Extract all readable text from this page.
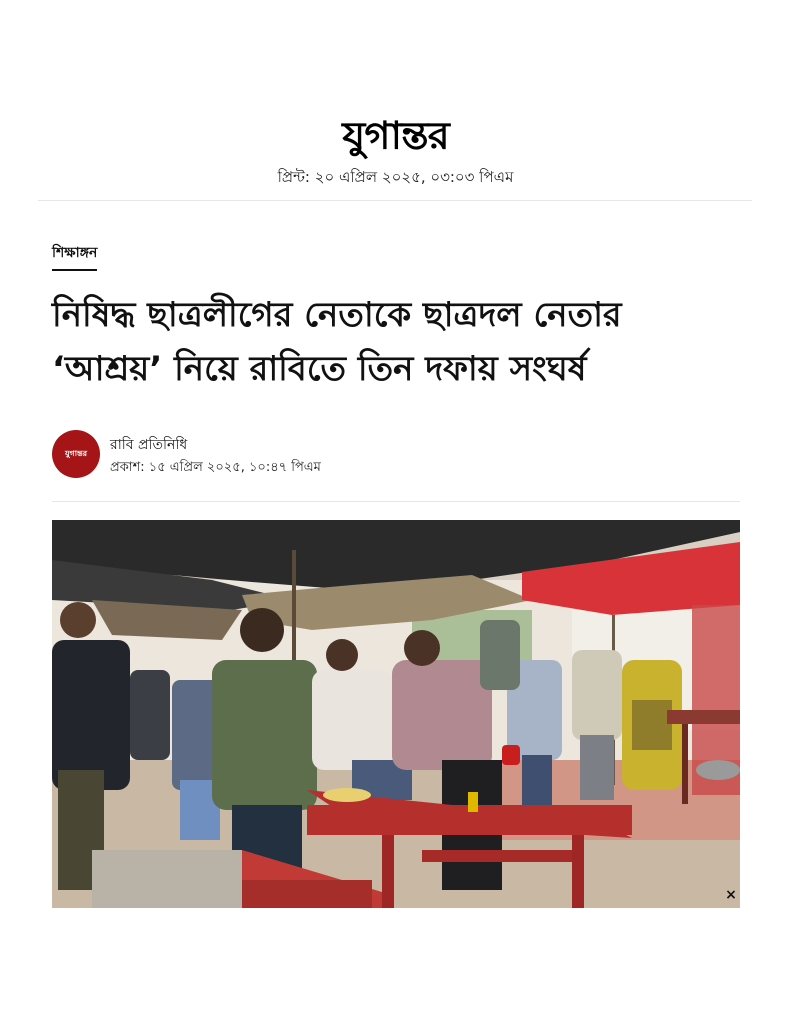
যুগান্তর
প্রিন্ট: ২০ এপ্রিল ২০২৫, ০৩:০৩ পিএম
শিক্ষাঙ্গন
নিষিদ্ধ ছাত্রলীগের নেতাকে ছাত্রদল নেতার
‘আশ্রয়’ নিয়ে রাবিতে তিন দফায় সংঘর্ষ
যুগান্তর রাবি প্রতিনিধি
প্রকাশ: ১৫ এপ্রিল ২০২৫, ১০:৪৭ পিএম
×
